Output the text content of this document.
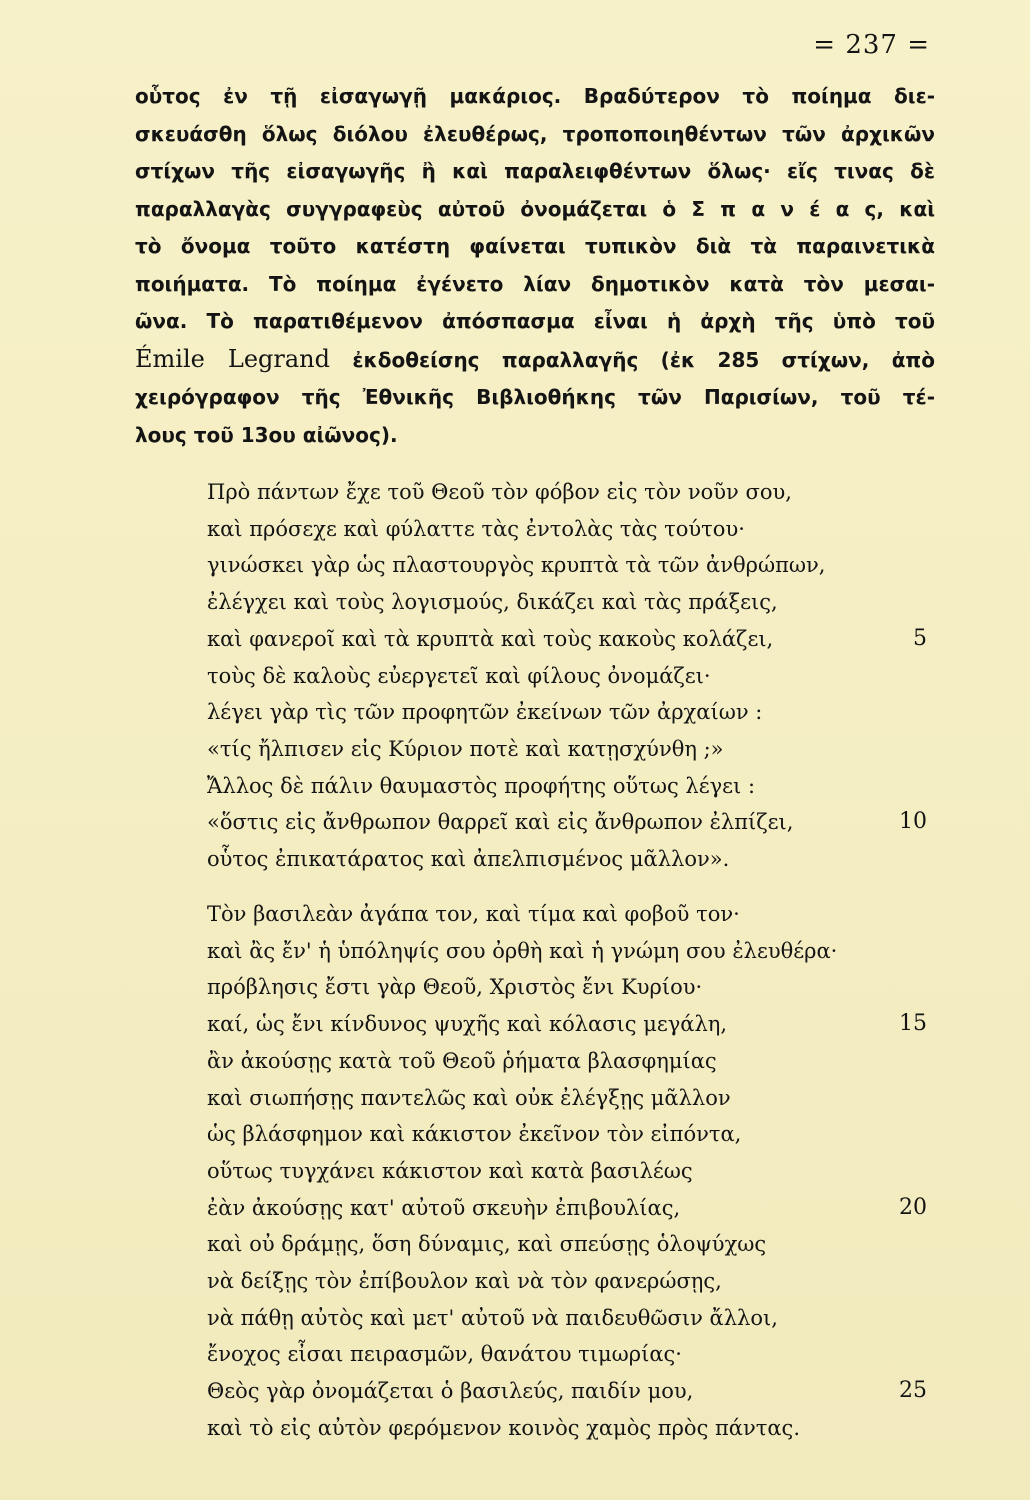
= 237 =
οὗτος ἐν τῇ εἰσαγωγῇ μακάριος. Βραδύτερον τὸ ποίημα διε-
σκευάσθη ὅλως διόλου ἐλευθέρως, τροποποιηθέντων τῶν ἀρχικῶν
στίχων τῆς εἰσαγωγῆς ἢ καὶ παραλειφθέντων ὅλως· εἴς τινας δὲ
παραλλαγὰς συγγραφεὺς αὐτοῦ ὀνομάζεται ὁ Σ π α ν έ α ς, καὶ
τὸ ὄνομα τοῦτο κατέστη φαίνεται τυπικὸν διὰ τὰ παραινετικὰ
ποιήματα. Τὸ ποίημα ἐγένετο λίαν δημοτικὸν κατὰ τὸν μεσαι-
ῶνα. Τὸ παρατιθέμενον ἀπόσπασμα εἶναι ἡ ἀρχὴ τῆς ὑπὸ τοῦ
Émile Legrand ἐκδοθείσης παραλλαγῆς (ἐκ 285 στίχων, ἀπὸ
χειρόγραφον τῆς Ἐθνικῆς Βιβλιοθήκης τῶν Παρισίων, τοῦ τέ-
λους τοῦ 13ου αἰῶνος).
Πρὸ πάντων ἔχε τοῦ Θεοῦ τὸν φόβον εἰς τὸν νοῦν σου,
καὶ πρόσεχε καὶ φύλαττε τὰς ἐντολὰς τὰς τούτου·
γινώσκει γὰρ ὡς πλαστουργὸς κρυπτὰ τὰ τῶν ἀνθρώπων,
ἐλέγχει καὶ τοὺς λογισμούς, δικάζει καὶ τὰς πράξεις,
καὶ φανεροῖ καὶ τὰ κρυπτὰ καὶ τοὺς κακοὺς κολάζει,	5
τοὺς δὲ καλοὺς εὐεργετεῖ καὶ φίλους ὀνομάζει·
λέγει γὰρ τὶς τῶν προφητῶν ἐκείνων τῶν ἀρχαίων :
«τίς ἤλπισεν εἰς Κύριον ποτὲ καὶ κατῃσχύνθη ;»
Ἄλλος δὲ πάλιν θαυμαστὸς προφήτης οὕτως λέγει :
«ὅστις εἰς ἄνθρωπον θαρρεῖ καὶ εἰς ἄνθρωπον ἐλπίζει,	10
οὗτος ἐπικατάρατος καὶ ἀπελπισμένος μᾶλλον».
Τὸν βασιλεὰν ἀγάπα τον, καὶ τίμα καὶ φοβοῦ τον·
καὶ ἂς ἔν' ἡ ὑπόληψίς σου ὀρθὴ καὶ ἡ γνώμη σου ἐλευθέρα·
πρόβλησις ἔστι γὰρ Θεοῦ, Χριστὸς ἔνι Κυρίου·
καί, ὡς ἔνι κίνδυνος ψυχῆς καὶ κόλασις μεγάλη,	15
ἂν ἀκούσῃς κατὰ τοῦ Θεοῦ ῥήματα βλασφημίας
καὶ σιωπήσῃς παντελῶς καὶ οὐκ ἐλέγξῃς μᾶλλον
ὡς βλάσφημον καὶ κάκιστον ἐκεῖνον τὸν εἰπόντα,
οὕτως τυγχάνει κάκιστον καὶ κατὰ βασιλέως
ἐὰν ἀκούσῃς κατ' αὐτοῦ σκευὴν ἐπιβουλίας,	20
καὶ οὐ δράμῃς, ὅση δύναμις, καὶ σπεύσῃς ὁλοψύχως
νὰ δείξῃς τὸν ἐπίβουλον καὶ νὰ τὸν φανερώσῃς,
νὰ πάθῃ αὐτὸς καὶ μετ' αὐτοῦ νὰ παιδευθῶσιν ἄλλοι,
ἔνοχος εἶσαι πειρασμῶν, θανάτου τιμωρίας·
Θεὸς γὰρ ὀνομάζεται ὁ βασιλεύς, παιδίν μου,	25
καὶ τὸ εἰς αὐτὸν φερόμενον κοινὸς χαμὸς πρὸς πάντας.
